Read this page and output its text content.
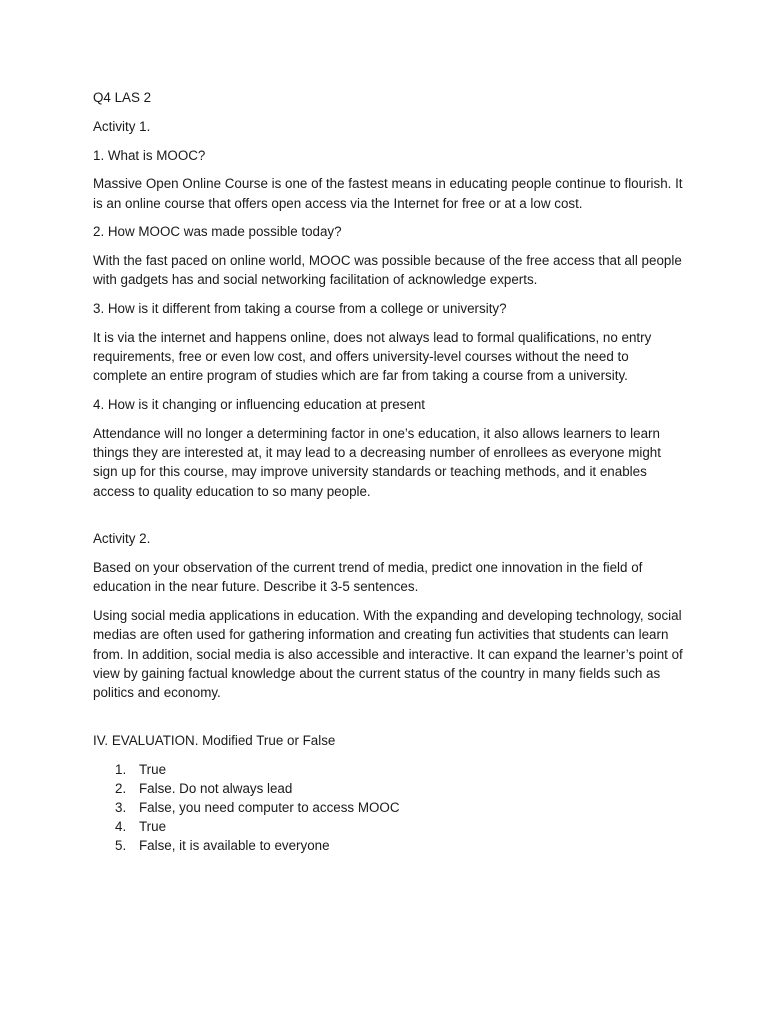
Q4 LAS 2

Activity 1.

1. What is MOOC?

Massive Open Online Course is one of the fastest means in educating people continue to flourish. It is an online course that offers open access via the Internet for free or at a low cost.

2. How MOOC was made possible today?

With the fast paced on online world, MOOC was possible because of the free access that all people with gadgets has and social networking facilitation of acknowledge experts.

3. How is it different from taking a course from a college or university?

It is via the internet and happens online, does not always lead to formal qualifications, no entry requirements, free or even low cost, and offers university-level courses without the need to complete an entire program of studies which are far from taking a course from a university.

4. How is it changing or influencing education at present

Attendance will no longer a determining factor in one’s education, it also allows learners to learn things they are interested at, it may lead to a decreasing number of enrollees as everyone might sign up for this course, may improve university standards or teaching methods, and it enables access to quality education to so many people.

Activity 2.

Based on your observation of the current trend of media, predict one innovation in the field of education in the near future. Describe it 3-5 sentences.

Using social media applications in education. With the expanding and developing technology, social medias are often used for gathering information and creating fun activities that students can learn from. In addition, social media is also accessible and interactive. It can expand the learner’s point of view by gaining factual knowledge about the current status of the country in many fields such as politics and economy.

IV. EVALUATION. Modified True or False

1. True
2. False. Do not always lead
3. False, you need computer to access MOOC
4. True
5. False, it is available to everyone
